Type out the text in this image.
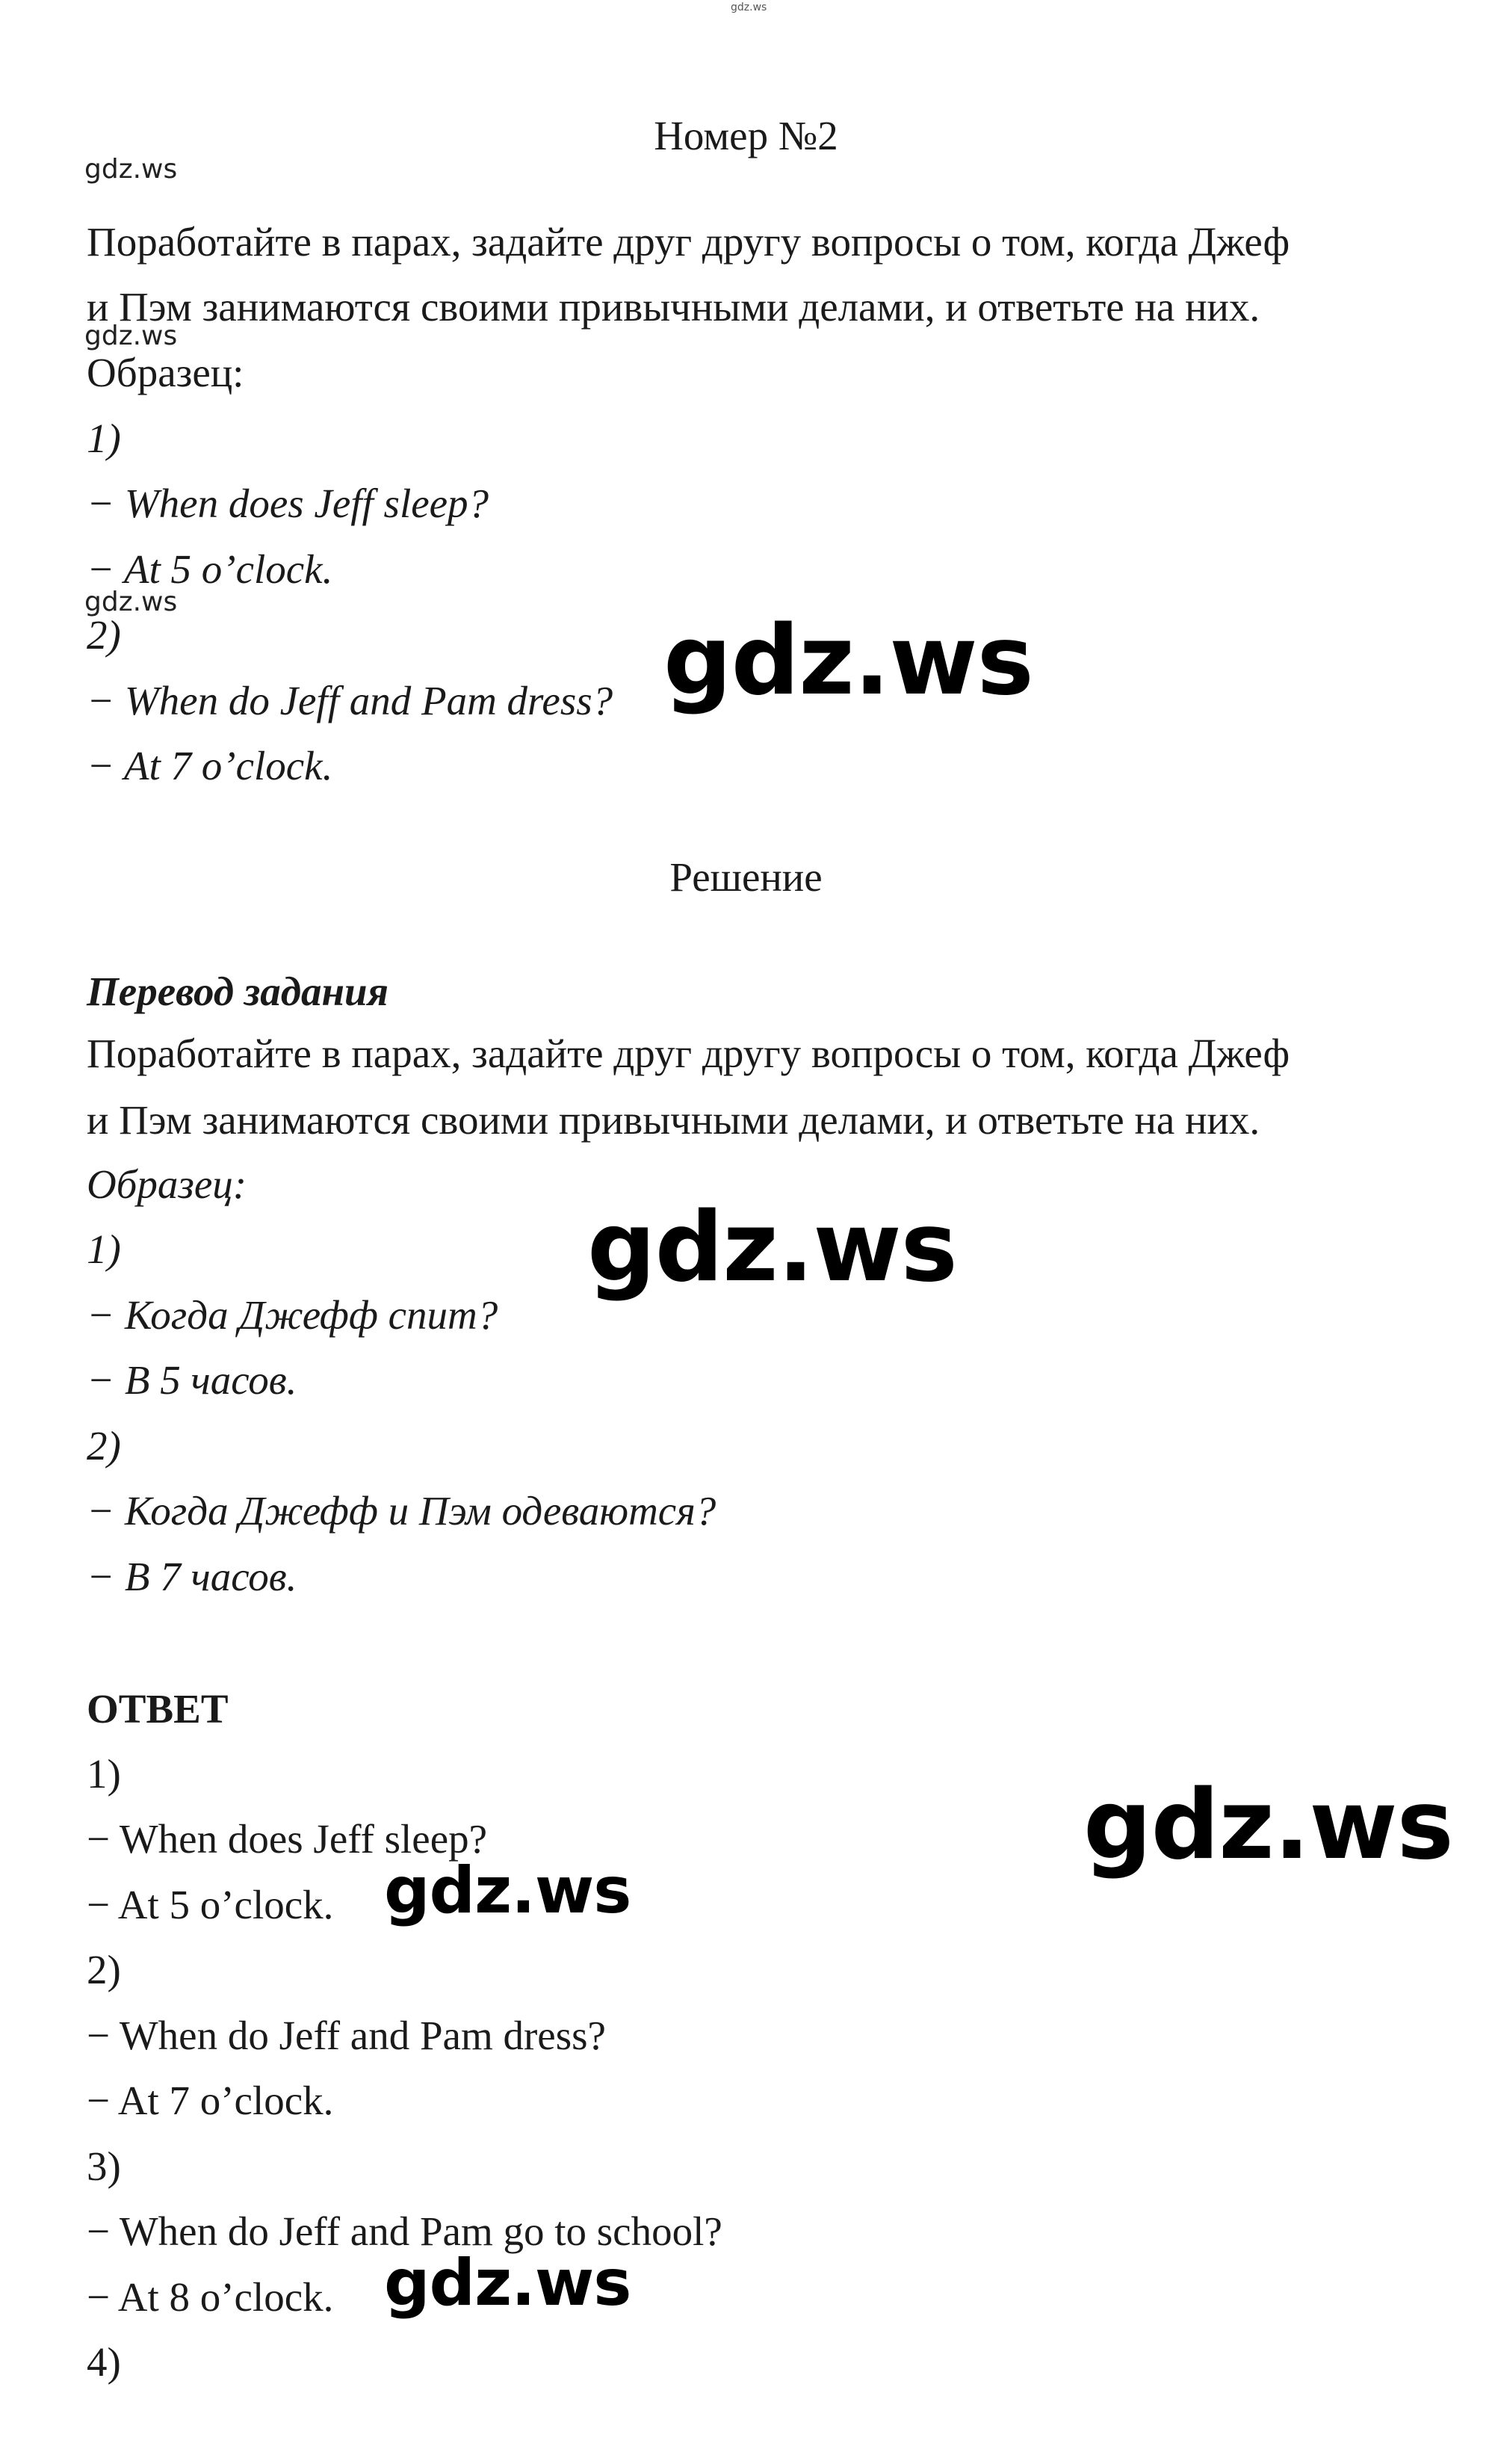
gdz.ws
Номер №2
gdz.ws
Поработайте в парах, задайте друг другу вопросы о том, когда Джеф
и Пэм занимаются своими привычными делами, и ответьте на них.
gdz.ws
Образец:
1)
− When does Jeff sleep?
− At 5 o’clock.
gdz.ws
2)
− When do Jeff and Pam dress?
− At 7 o’clock.
gdz.ws
Решение
Перевод задания
Поработайте в парах, задайте друг другу вопросы о том, когда Джеф
и Пэм занимаются своими привычными делами, и ответьте на них.
Образец:
1)
− Когда Джефф спит?
− В 5 часов.
2)
− Когда Джефф и Пэм одеваются?
− В 7 часов.
gdz.ws
ОТВЕТ
1)
− When does Jeff sleep?
− At 5 o’clock.
2)
− When do Jeff and Pam dress?
− At 7 o’clock.
3)
− When do Jeff and Pam go to school?
− At 8 o’clock.
4)
gdz.ws
gdz.ws
gdz.ws
